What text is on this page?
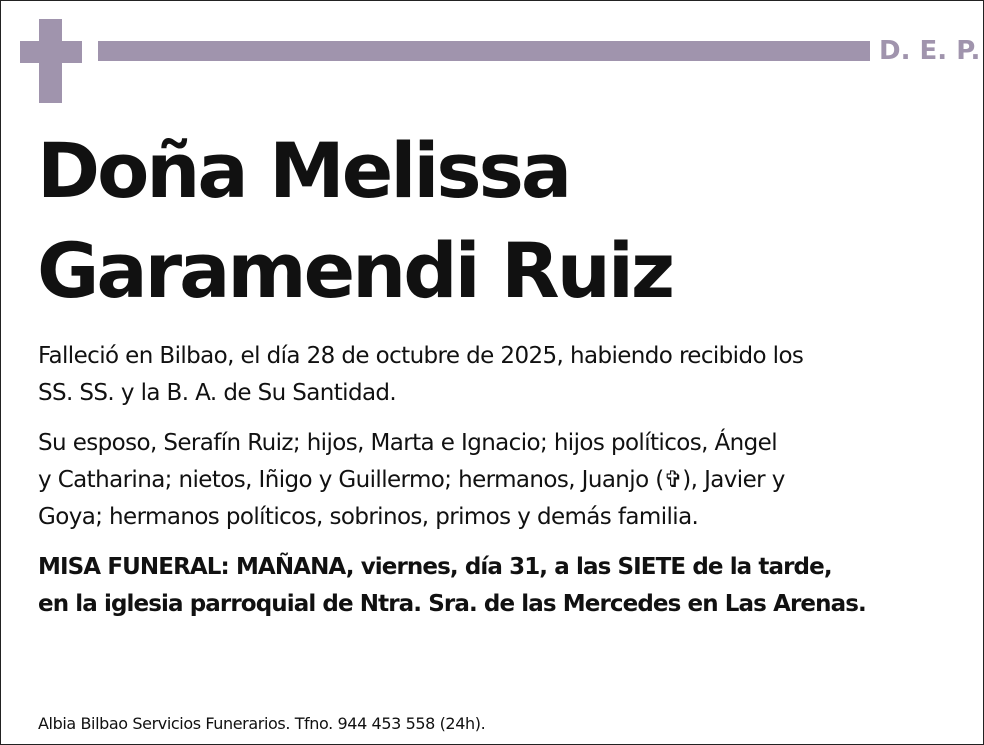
D. E. P.
Doña Melissa
Garamendi Ruiz
Falleció en Bilbao, el día 28 de octubre de 2025, habiendo recibido los
SS. SS. y la B. A. de Su Santidad.
Su esposo, Serafín Ruiz; hijos, Marta e Ignacio; hijos políticos, Ángel
y Catharina; nietos, Iñigo y Guillermo; hermanos, Juanjo (✞), Javier y
Goya; hermanos políticos, sobrinos, primos y demás familia.
MISA FUNERAL: MAÑANA, viernes, día 31, a las SIETE de la tarde,
en la iglesia parroquial de Ntra. Sra. de las Mercedes en Las Arenas.
Albia Bilbao Servicios Funerarios. Tfno. 944 453 558 (24h).
